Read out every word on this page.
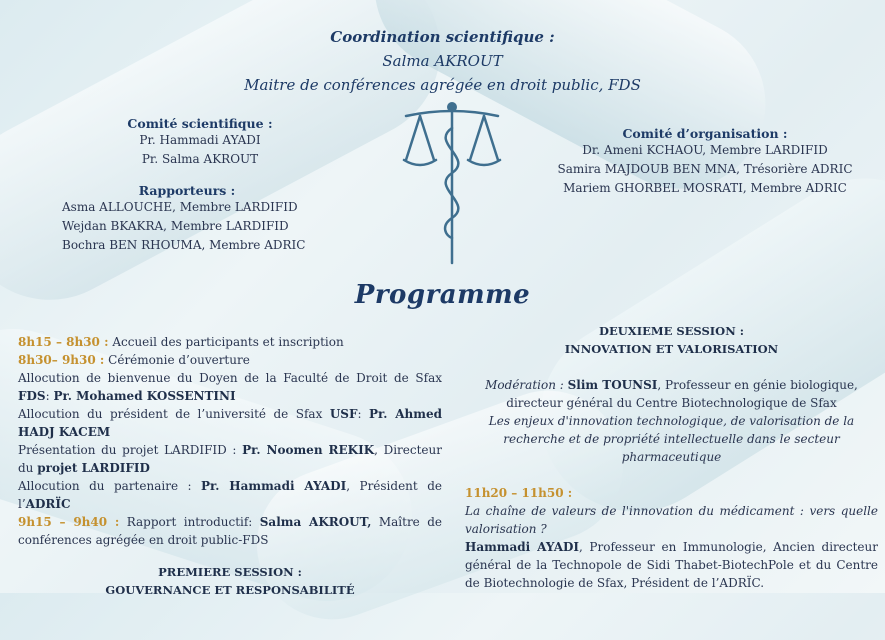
Coordination scientifique :
Salma AKROUT
Maitre de conférences agrégée en droit public, FDS
Comité scientifique :
Pr. Hammadi AYADI
Pr. Salma AKROUT
Rapporteurs :
Asma ALLOUCHE, Membre LARDIFID
Wejdan BKAKRA, Membre LARDIFID
Bochra BEN RHOUMA, Membre ADRIC
Comité d’organisation :
Dr. Ameni KCHAOU, Membre LARDIFID
Samira MAJDOUB BEN MNA, Trésorière ADRIC
Mariem GHORBEL MOSRATI, Membre ADRIC
Programme
8h15 – 8h30 : Accueil des participants et inscription
8h30– 9h30 : Cérémonie d’ouverture
Allocution de bienvenue du Doyen de la Faculté de Droit de Sfax FDS: Pr. Mohamed KOSSENTINI
Allocution du président de l’université de Sfax USF: Pr. Ahmed HADJ KACEM
Présentation du projet LARDIFID : Pr. Noomen REKIK, Directeur du projet LARDIFID
Allocution du partenaire : Pr. Hammadi AYADI, Président de l’ADRÏC
9h15 – 9h40 : Rapport introductif: Salma AKROUT, Maître de conférences agrégée en droit public-FDS
PREMIERE SESSION :
GOUVERNANCE ET RESPONSABILITÉ
DEUXIEME SESSION :
INNOVATION ET VALORISATION
Modération : Slim TOUNSI, Professeur en génie biologique, directeur général du Centre Biotechnologique de Sfax
Les enjeux d'innovation technologique, de valorisation de la recherche et de propriété intellectuelle dans le secteur pharmaceutique
11h20 – 11h50 :
La chaîne de valeurs de l'innovation du médicament : vers quelle valorisation ?
Hammadi AYADI, Professeur en Immunologie, Ancien directeur général de la Technopole de Sidi Thabet-BiotechPole et du Centre de Biotechnologie de Sfax, Président de l’ADRÏC.
